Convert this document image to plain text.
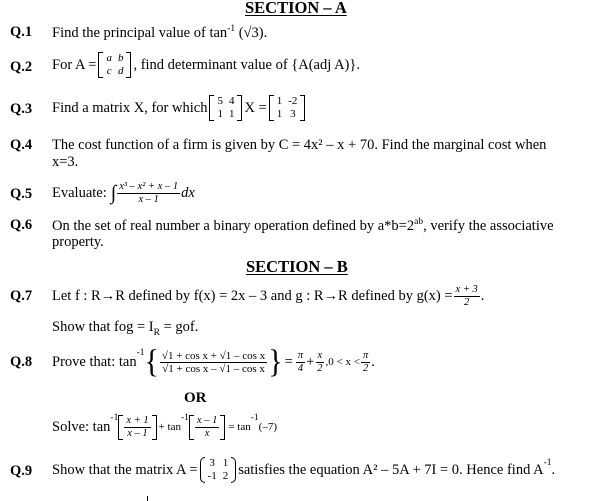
SECTION – A
Q.1 Find the principal value of $\tan^{-1} (√3)$.
Q.2 For A = a	b
c	d , find determinant value of {A(adj A)}.
Q.3 Find a matrix X, for which 5	4
1	1 X = 1	-2
1	3
Q.4 The cost function of a firm is given by C = 4x² – x + 70. Find the marginal cost when
x=3.
Q.5 Evaluate: ∫ $\frac{\text{x³ – x² + x – 1}}{x - 1}$ dx
Q.6 On the set of real number a binary operation defined by $a*b=2^{ab}$, verify the associative
property.
SECTION – B
Q.7 Let f : R→R defined by f(x) = 2x – 3 and g : R→R defined by $g(x) = \frac{x + 3}{2}$ .
Show that fog = $I_R$ = gof.
Q.8 Prove that: tan
-1 { $\frac{\text{√1 + cos x + √1 – cos x}}{\text{√1 + cos x – √1 – cos x}}$ } = $\frac{\pi}{4} + \frac{x}{2} ,0 < x < \frac{\pi}{2}$ .
OR
Solve: tan
$-1 \frac{x + 1}{x - 1} + \tan$
$-1 \frac{x - 1}{x} = \tan$
-1
(–7)
Q.9 Show that the matrix A = 3	1
-1	2 satisfies the equation A² – 5A + 7I = 0. Hence find A -1 .
